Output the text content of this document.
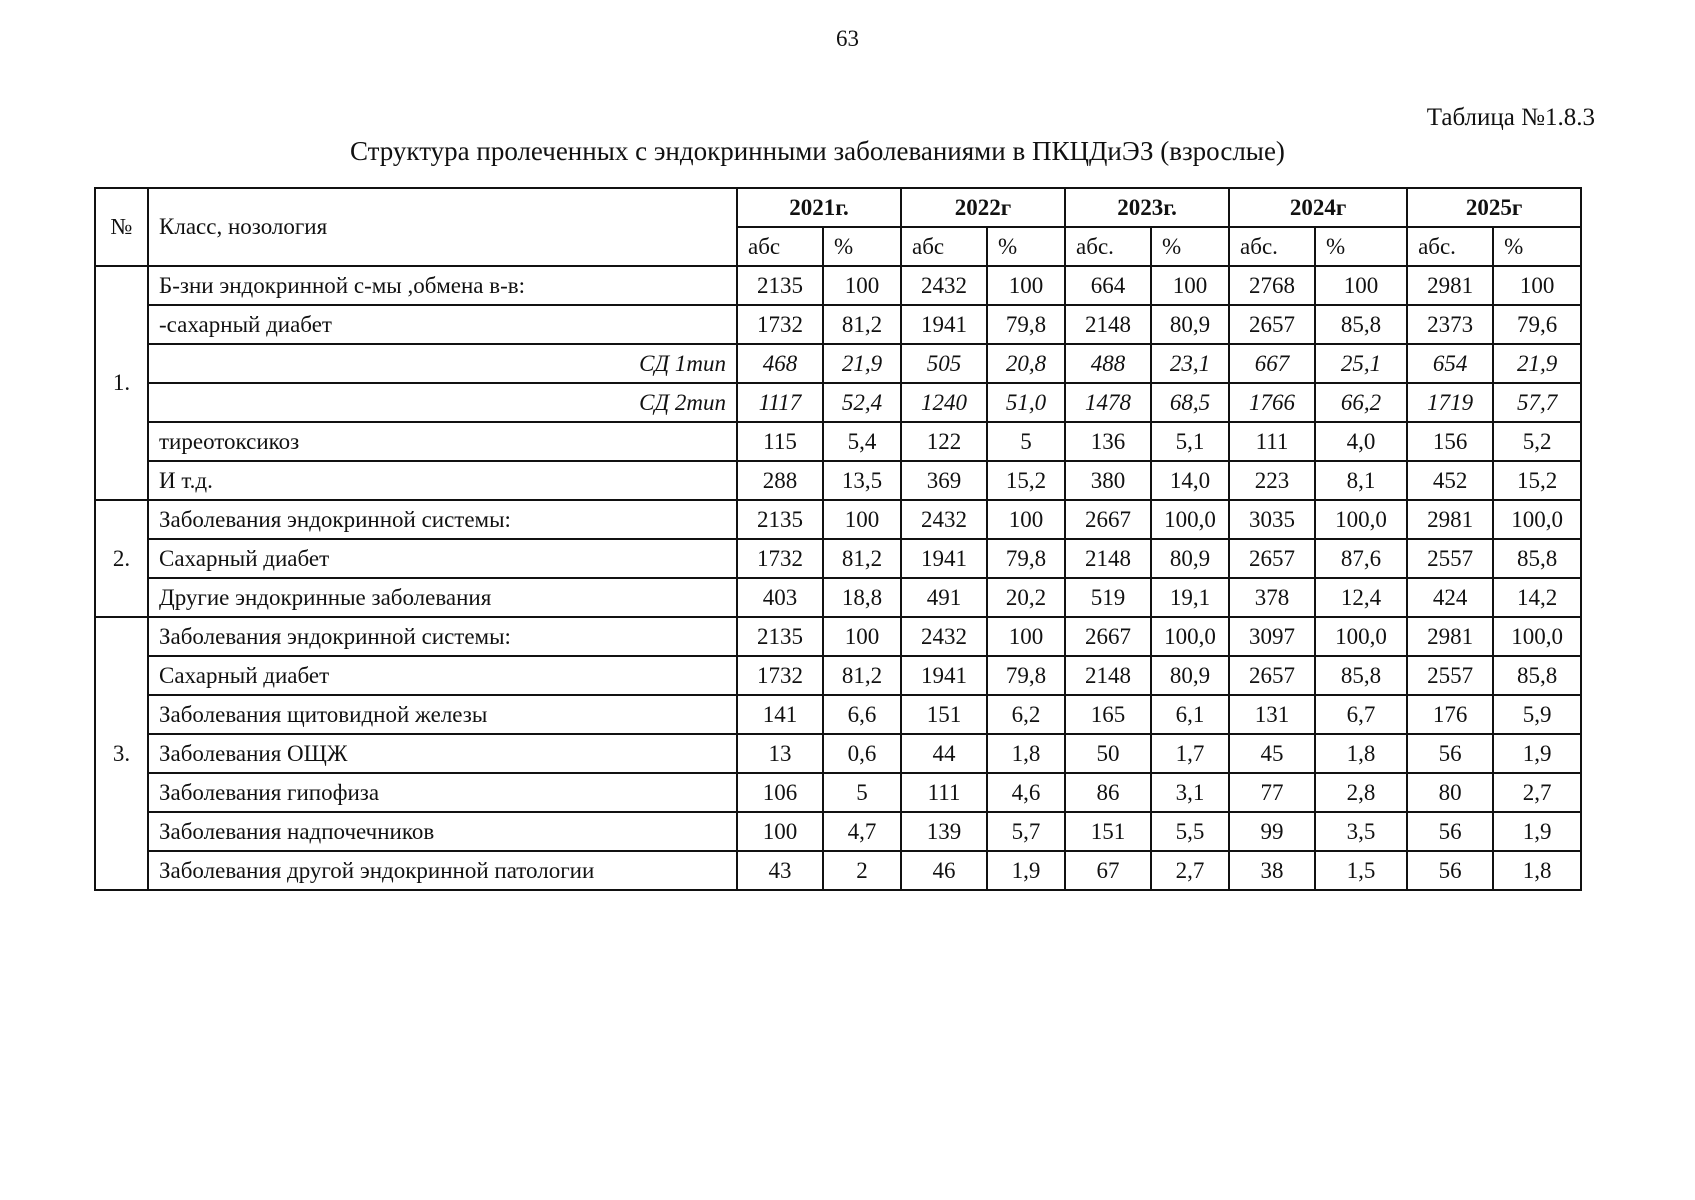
63
Таблица №1.8.3
Структура пролеченных с эндокринными заболеваниями в ПКЦДиЭЗ (взрослые)
№	Класс, нозология	2021г.		2022г		2023г.		2024г		2025г	
		абс	%	абс	%	абс.	%	абс.	%	абс.	%
1.	Б-зни эндокринной с-мы ,обмена в-в:	2135	100	2432	100	664	100	2768	100	2981	100
	-сахарный диабет	1732	81,2	1941	79,8	2148	80,9	2657	85,8	2373	79,6
	СД 1тип	468	21,9	505	20,8	488	23,1	667	25,1	654	21,9
	СД 2тип	1117	52,4	1240	51,0	1478	68,5	1766	66,2	1719	57,7
	тиреотоксикоз	115	5,4	122	5	136	5,1	111	4,0	156	5,2
	И т.д.	288	13,5	369	15,2	380	14,0	223	8,1	452	15,2
2.	Заболевания эндокринной системы:	2135	100	2432	100	2667	100,0	3035	100,0	2981	100,0
	Сахарный диабет	1732	81,2	1941	79,8	2148	80,9	2657	87,6	2557	85,8
	Другие эндокринные заболевания	403	18,8	491	20,2	519	19,1	378	12,4	424	14,2
3.	Заболевания эндокринной системы:	2135	100	2432	100	2667	100,0	3097	100,0	2981	100,0
	Сахарный диабет	1732	81,2	1941	79,8	2148	80,9	2657	85,8	2557	85,8
	Заболевания щитовидной железы	141	6,6	151	6,2	165	6,1	131	6,7	176	5,9
	Заболевания ОЩЖ	13	0,6	44	1,8	50	1,7	45	1,8	56	1,9
	Заболевания гипофиза	106	5	111	4,6	86	3,1	77	2,8	80	2,7
	Заболевания надпочечников	100	4,7	139	5,7	151	5,5	99	3,5	56	1,9
	Заболевания другой эндокринной патологии	43	2	46	1,9	67	2,7	38	1,5	56	1,8
